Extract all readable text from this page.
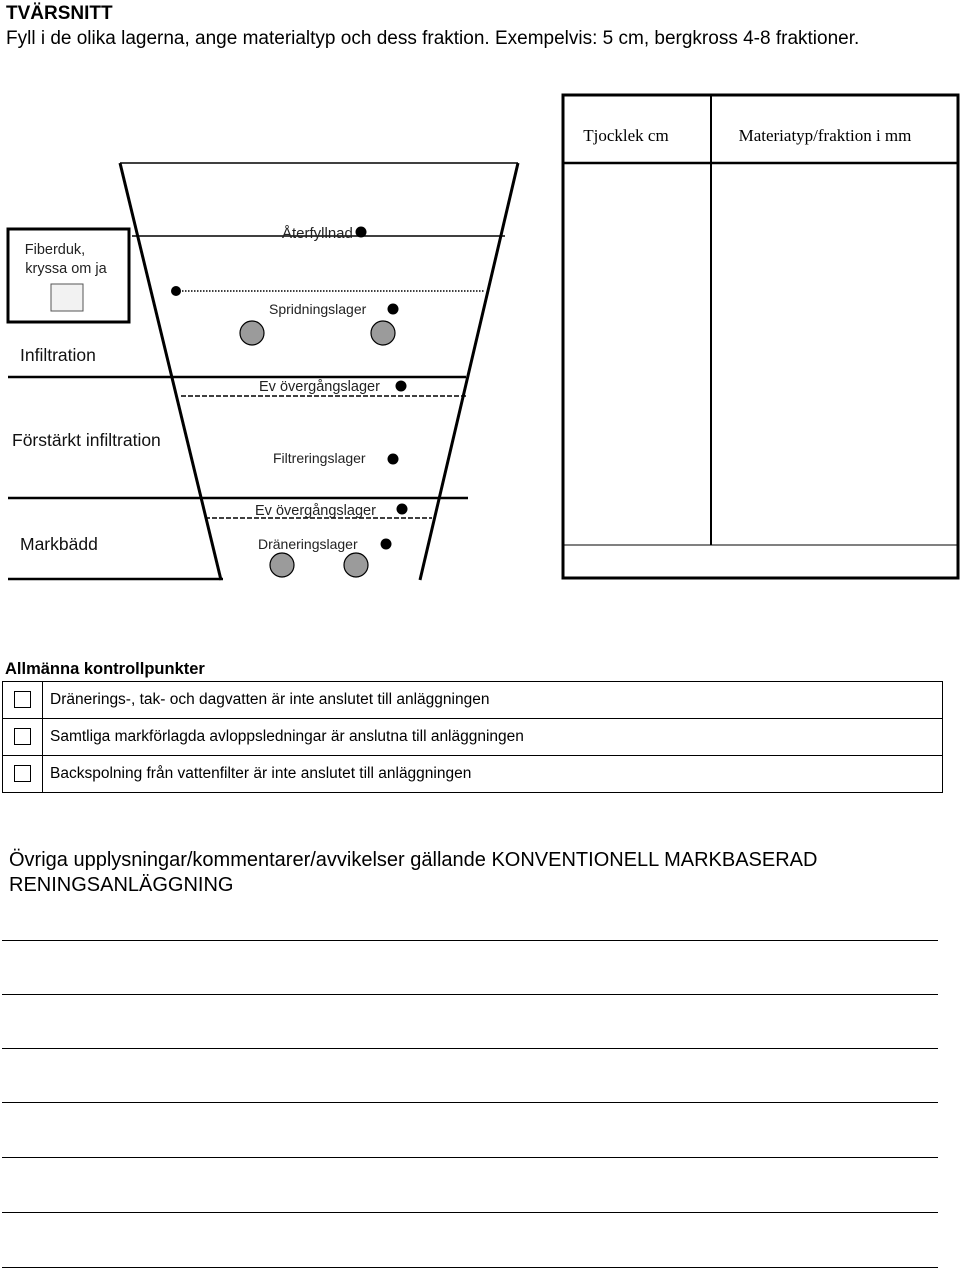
TVÄRSNITT
Fyll i de olika lagerna, ange materialtyp och dess fraktion. Exempelvis: 5 cm, bergkross 4-8 fraktioner.
Tjocklek cm	Materiatyp/fraktion i mm
Fiberduk,
kryssa om ja
Infiltration
Förstärkt infiltration
Markbädd
Återfyllnad
Spridningslager
Ev övergångslager
Filtreringslager
Ev övergångslager
Dräneringslager
Allmänna kontrollpunkter
	Dränerings-, tak- och dagvatten är inte anslutet till anläggningen
	Samtliga markförlagda avloppsledningar är anslutna till anläggningen
	Backspolning från vattenfilter är inte anslutet till anläggningen
Övriga upplysningar/kommentarer/avvikelser gällande KONVENTIONELL MARKBASERAD RENINGSANLÄGGNING
